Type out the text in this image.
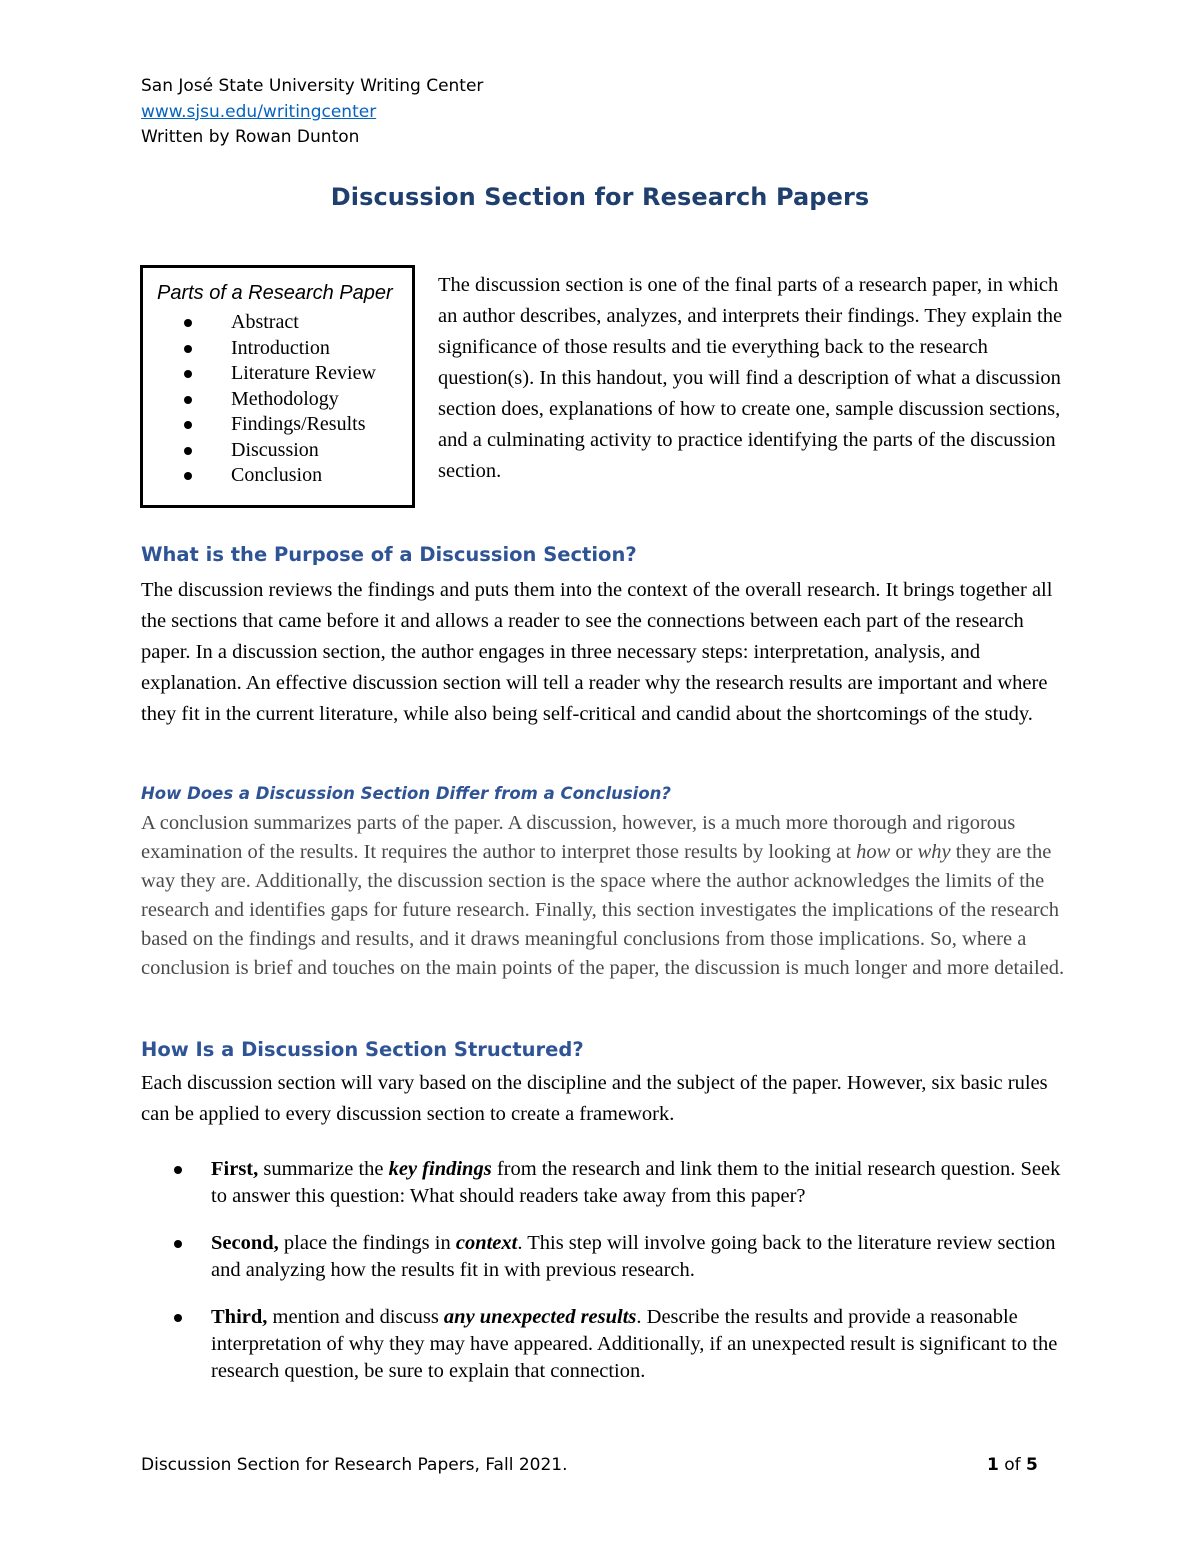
San José State University Writing Center
www.sjsu.edu/writingcenter
Written by Rowan Dunton
Discussion Section for Research Papers
Parts of a Research Paper
Abstract
Introduction
Literature Review
Methodology
Findings/Results
Discussion
Conclusion
The discussion section is one of the final parts of a research paper, in which an author describes, analyzes, and interprets their findings. They explain the significance of those results and tie everything back to the research question(s). In this handout, you will find a description of what a discussion section does, explanations of how to create one, sample discussion sections, and a culminating activity to practice identifying the parts of the discussion section.
What is the Purpose of a Discussion Section?
The discussion reviews the findings and puts them into the context of the overall research. It brings together all the sections that came before it and allows a reader to see the connections between each part of the research paper. In a discussion section, the author engages in three necessary steps: interpretation, analysis, and explanation. An effective discussion section will tell a reader why the research results are important and where they fit in the current literature, while also being self-critical and candid about the shortcomings of the study.
How Does a Discussion Section Differ from a Conclusion?
A conclusion summarizes parts of the paper. A discussion, however, is a much more thorough and rigorous examination of the results. It requires the author to interpret those results by looking at how or why they are the way they are. Additionally, the discussion section is the space where the author acknowledges the limits of the research and identifies gaps for future research. Finally, this section investigates the implications of the research based on the findings and results, and it draws meaningful conclusions from those implications. So, where a conclusion is brief and touches on the main points of the paper, the discussion is much longer and more detailed.
How Is a Discussion Section Structured?
Each discussion section will vary based on the discipline and the subject of the paper. However, six basic rules can be applied to every discussion section to create a framework.
First, summarize the key findings from the research and link them to the initial research question. Seek to answer this question: What should readers take away from this paper?
Second, place the findings in context. This step will involve going back to the literature review section and analyzing how the results fit in with previous research.
Third, mention and discuss any unexpected results. Describe the results and provide a reasonable interpretation of why they may have appeared. Additionally, if an unexpected result is significant to the research question, be sure to explain that connection.
Discussion Section for Research Papers, Fall 2021.	1 of 5
